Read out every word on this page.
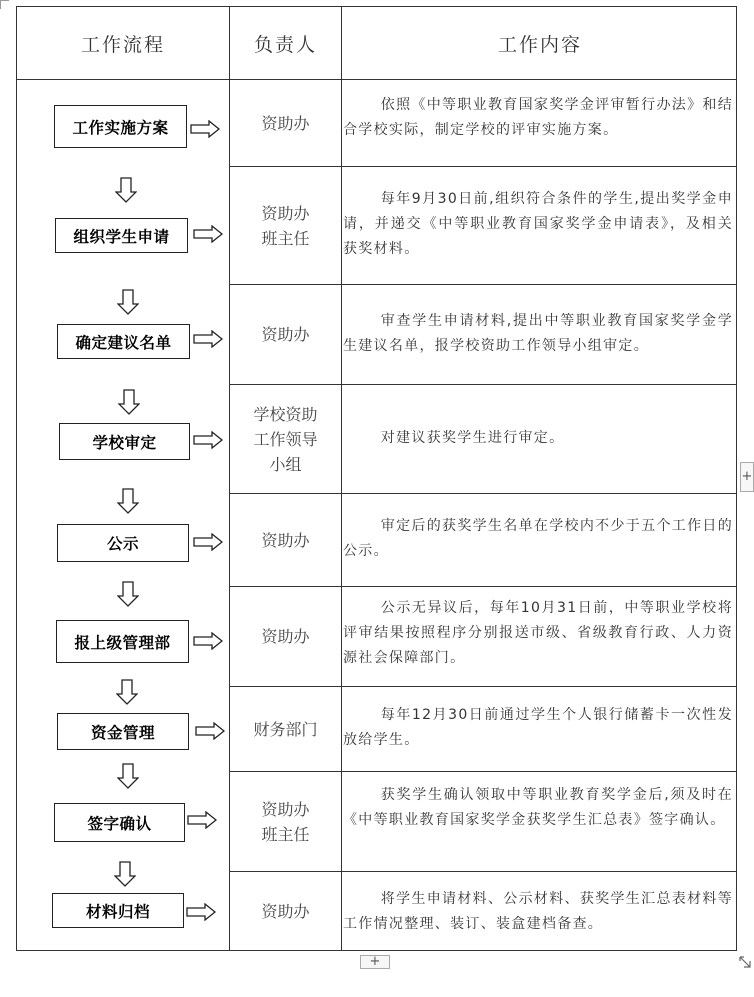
工作流程	负责人	工作内容
资助办
资助办
班主任
资助办
学校资助
工作领导
小组
资助办
资助办
财务部门
资助办
班主任
资助办
依照《中等职业教育国家奖学金评审暂行办法》和结合学校实际，制定学校的评审实施方案。
每年9月30日前,组织符合条件的学生,提出奖学金申请，并递交《中等职业教育国家奖学金申请表》，及相关获奖材料。
审查学生申请材料,提出中等职业教育国家奖学金学生建议名单，报学校资助工作领导小组审定。
对建议获奖学生进行审定。
审定后的获奖学生名单在学校内不少于五个工作日的公示。
公示无异议后，每年10月31日前，中等职业学校将评审结果按照程序分别报送市级、省级教育行政、人力资源社会保障部门。
每年12月30日前通过学生个人银行储蓄卡一次性发放给学生。
获奖学生确认领取中等职业教育奖学金后,须及时在《中等职业教育国家奖学金获奖学生汇总表》签字确认。
将学生申请材料、公示材料、获奖学生汇总表材料等工作情况整理、装订、装盒建档备查。
工作实施方案
组织学生申请
确定建议名单
学校审定
公示
报上级管理部
资金管理
签字确认
材料归档
+
+
